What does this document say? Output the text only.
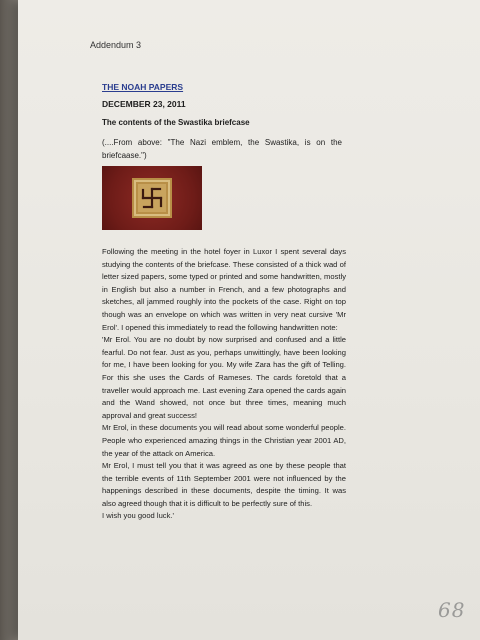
Addendum 3
THE NOAH PAPERS
DECEMBER 23, 2011
The contents of the Swastika briefcase
(....From above: "The Nazi emblem, the Swastika, is on the briefcaase.")

Following the meeting in the hotel foyer in Luxor I spent several days studying the contents of the briefcase. These consisted of a thick wad of letter sized papers, some typed or printed and some handwritten, mostly in English but also a number in French, and a few photographs and sketches, all jammed roughly into the pockets of the case. Right on top though was an envelope on which was written in very neat cursive 'Mr Erol'. I opened this immediately to read the following handwritten note:

'Mr Erol. You are no doubt by now surprised and confused and a little fearful. Do not fear. Just as you, perhaps unwittingly, have been looking for me, I have been looking for you. My wife Zara has the gift of Telling. For this she uses the Cards of Rameses. The cards foretold that a traveller would approach me. Last evening Zara opened the cards again and the Wand showed, not once but three times, meaning much approval and great success!

Mr Erol, in these documents you will read about some wonderful people. People who experienced amazing things in the Christian year 2001 AD, the year of the attack on America.

Mr Erol, I must tell you that it was agreed as one by these people that the terrible events of 11th September 2001 were not influenced by the happenings described in these documents, despite the timing. It was also agreed though that it is difficult to be perfectly sure of this.

I wish you good luck.'

68
